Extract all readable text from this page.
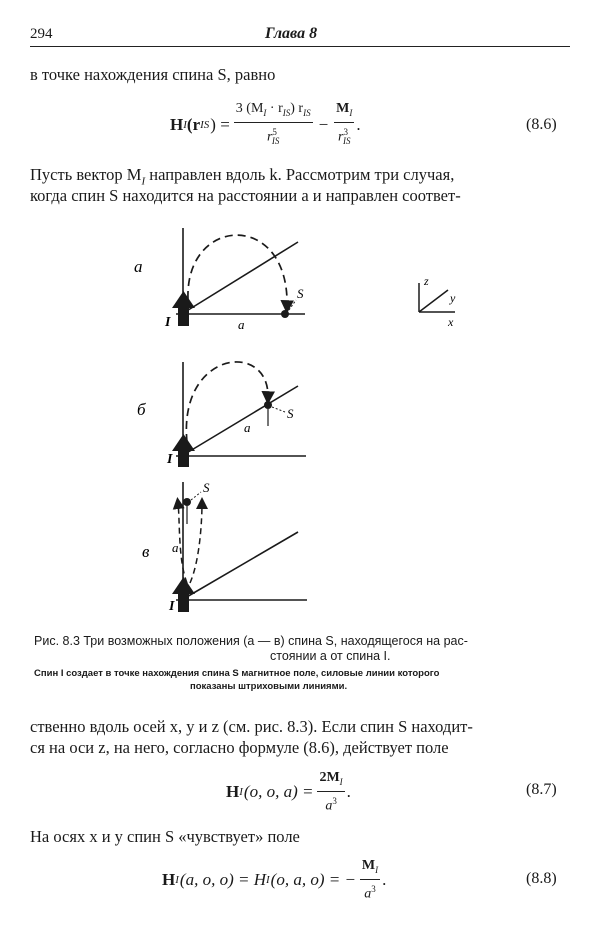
294	Глава 8
в точке нахождения спина S, равно
H I (r IS ) = $\frac{3 (M_I \cdot r_{IS}) r_{IS}}{r^5_{IS}} - \frac{M_I}{r^3_{IS}}$ .	(8.6)
Пусть вектор $M_I$ направлен вдоль k. Рассмотрим три случая,
когда спин S находится на расстоянии a и направлен соответ-
a
S
I	a
z
y
x
б	S
I
a
в
S
I
a
Рис. 8.3 Три возможных положения (а — в) спина S, находящегося на рас-
стоянии a от спина I.
Спин I создает в точке нахождения спина S магнитное поле, силовые линии которого
показаны штриховыми линиями.
ственно вдоль осей x, y и z (см. рис. 8.3). Если спин S находит-
ся на оси z, на него, согласно формуле (8.6), действует поле
H I (o, o, $a) = \frac{2M_I}{a^3}$ .	(8.7)
На осях x и y спин S «чувствует» поле
H I (a, o, o) = H I (o, a, o) = − $\frac{M_I}{a^3}$ .	(8.8)
